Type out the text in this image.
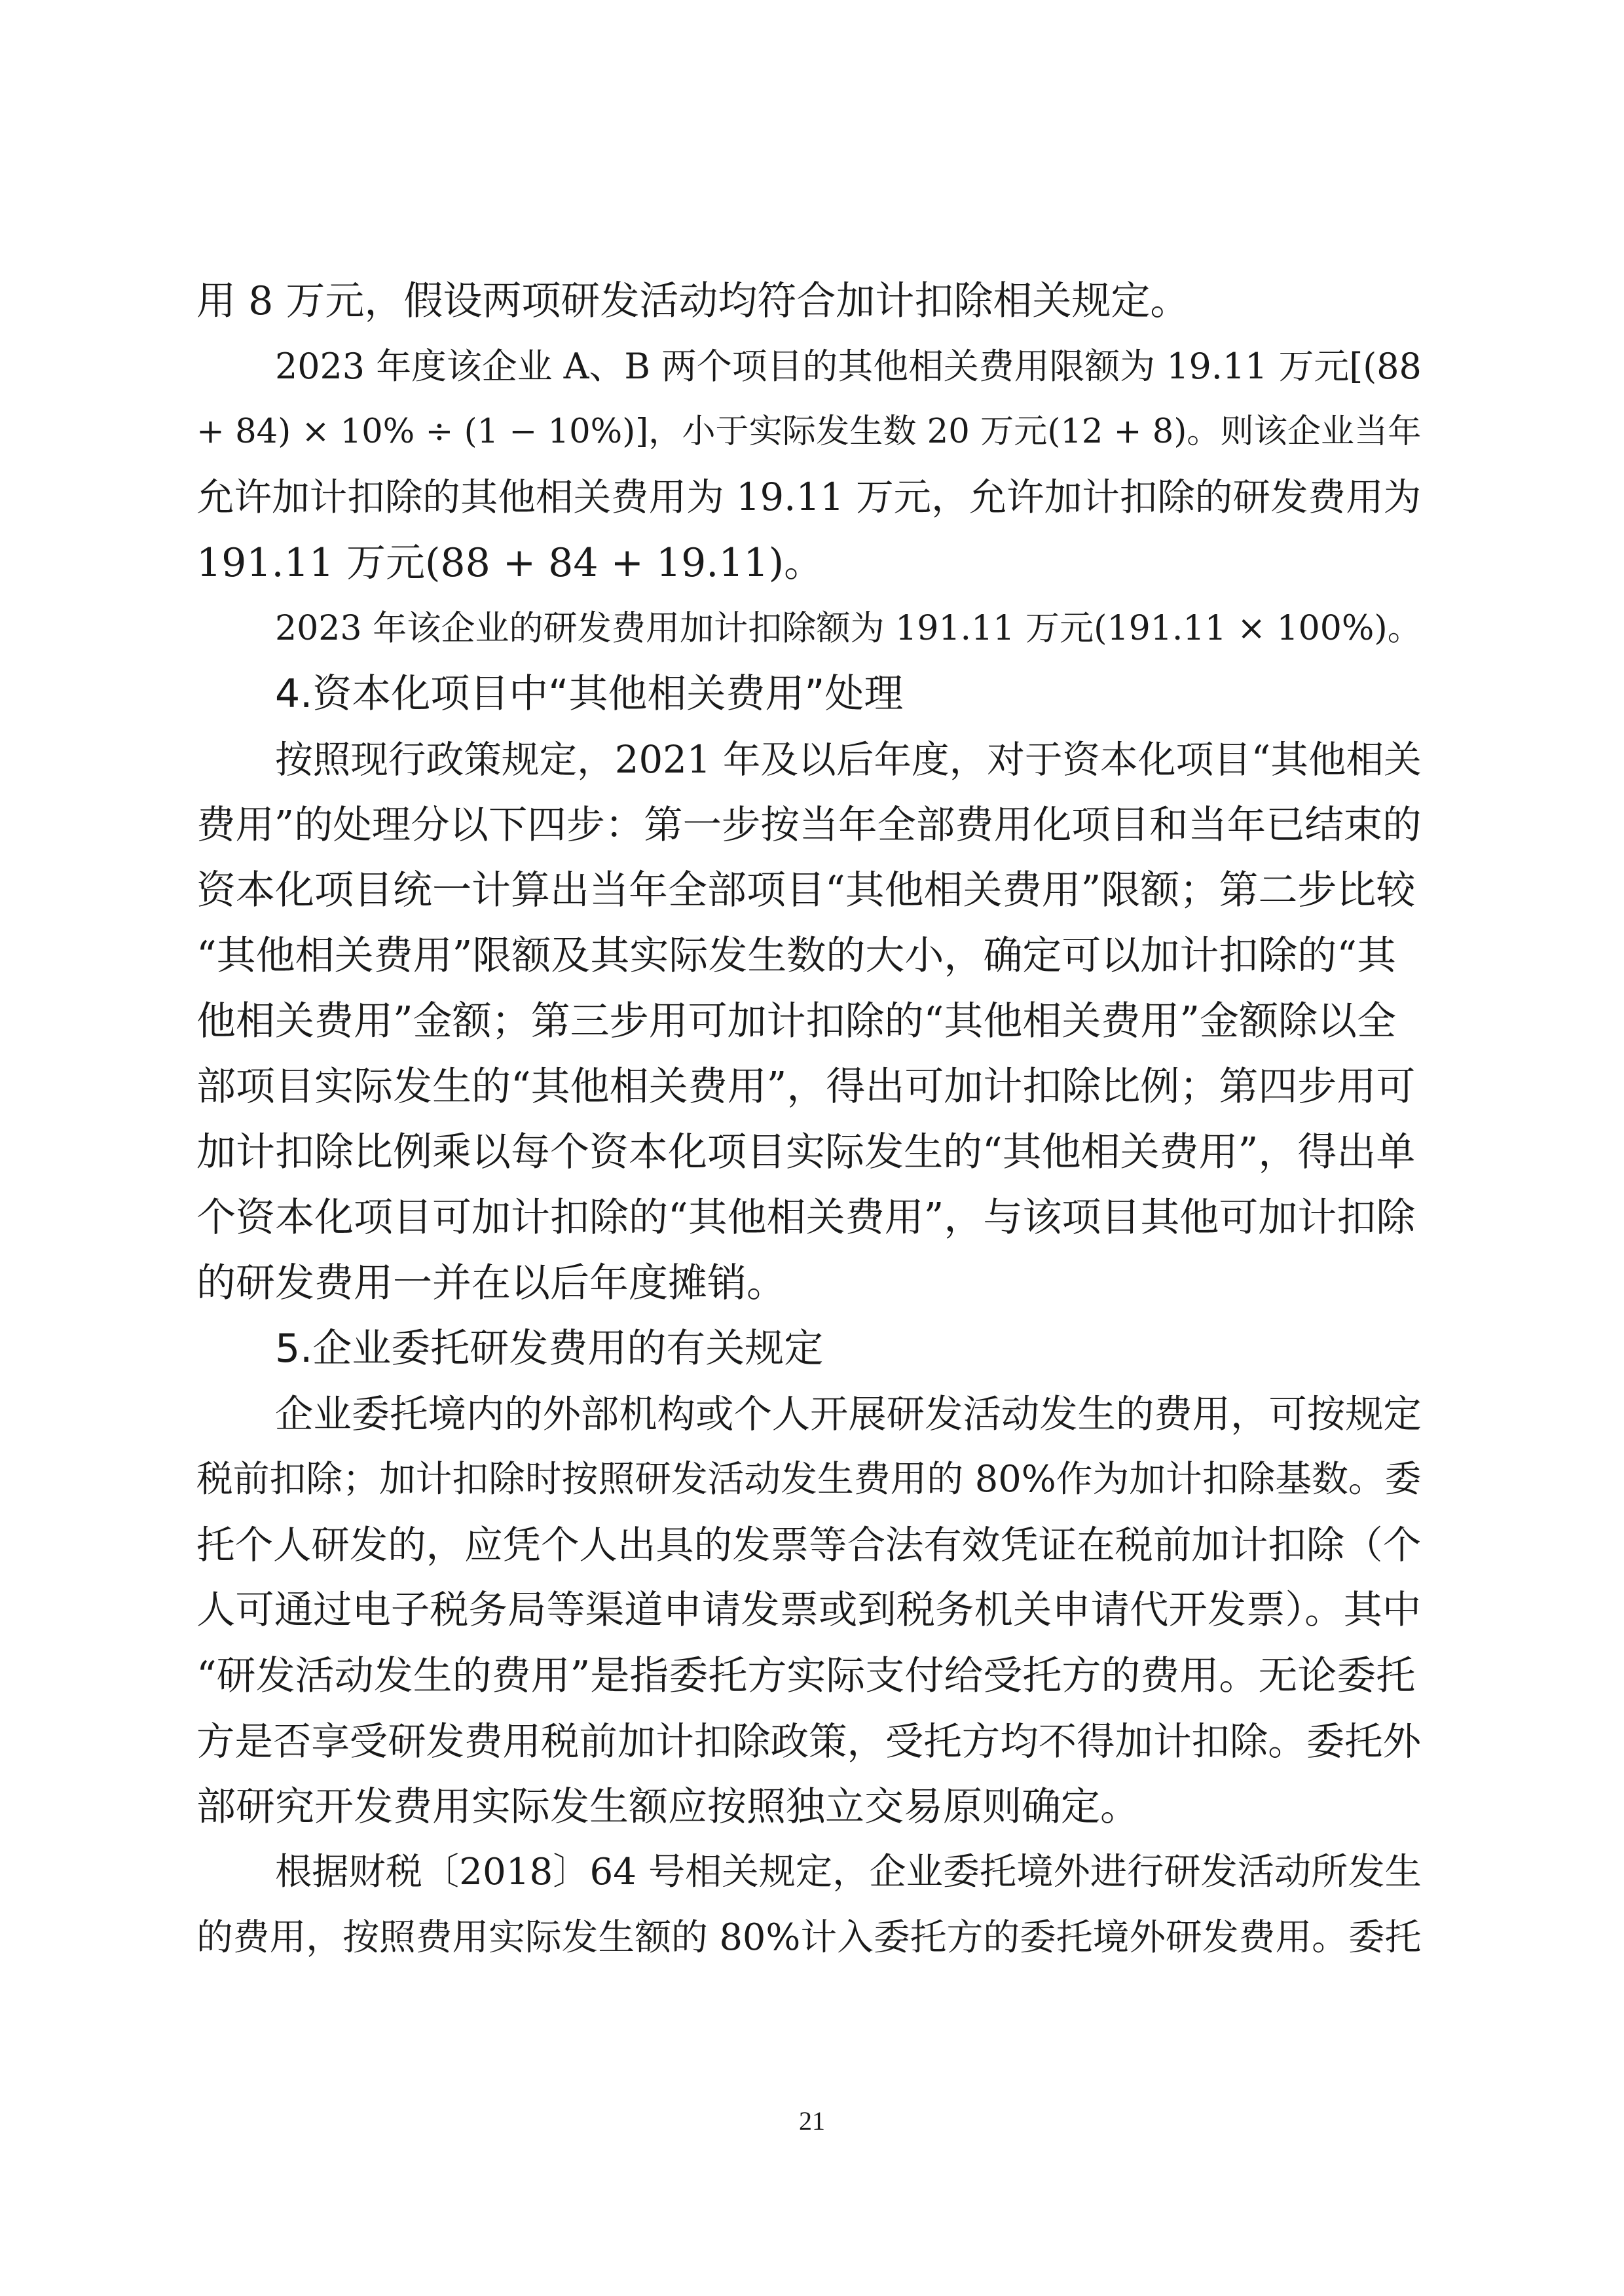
用 8 万元，假设两项研发活动均符合加计扣除相关规定。
2023 年度该企业 A、B 两个项目的其他相关费用限额为 19.11 万元[(88
+ 84) × 10% ÷ (1 − 10%)]，小于实际发生数 20 万元(12 + 8)。则该企业当年
允许加计扣除的其他相关费用为 19.11 万元，允许加计扣除的研发费用为
191.11 万元(88 + 84 + 19.11)。
2023 年该企业的研发费用加计扣除额为 191.11 万元(191.11 × 100%)。
4.资本化项目中“其他相关费用”处理
按照现行政策规定，2021 年及以后年度，对于资本化项目“其他相关
费用”的处理分以下四步：第一步按当年全部费用化项目和当年已结束的
资本化项目统一计算出当年全部项目“其他相关费用”限额；第二步比较
“其他相关费用”限额及其实际发生数的大小，确定可以加计扣除的“其
他相关费用”金额；第三步用可加计扣除的“其他相关费用”金额除以全
部项目实际发生的“其他相关费用”，得出可加计扣除比例；第四步用可
加计扣除比例乘以每个资本化项目实际发生的“其他相关费用”，得出单
个资本化项目可加计扣除的“其他相关费用”，与该项目其他可加计扣除
的研发费用一并在以后年度摊销。
5.企业委托研发费用的有关规定
企业委托境内的外部机构或个人开展研发活动发生的费用，可按规定
税前扣除；加计扣除时按照研发活动发生费用的 80%作为加计扣除基数。委
托个人研发的，应凭个人出具的发票等合法有效凭证在税前加计扣除（个
人可通过电子税务局等渠道申请发票或到税务机关申请代开发票）。其中
“研发活动发生的费用”是指委托方实际支付给受托方的费用。无论委托
方是否享受研发费用税前加计扣除政策，受托方均不得加计扣除。委托外
部研究开发费用实际发生额应按照独立交易原则确定。
根据财税〔2018〕64 号相关规定，企业委托境外进行研发活动所发生
的费用，按照费用实际发生额的 80%计入委托方的委托境外研发费用。委托
21
